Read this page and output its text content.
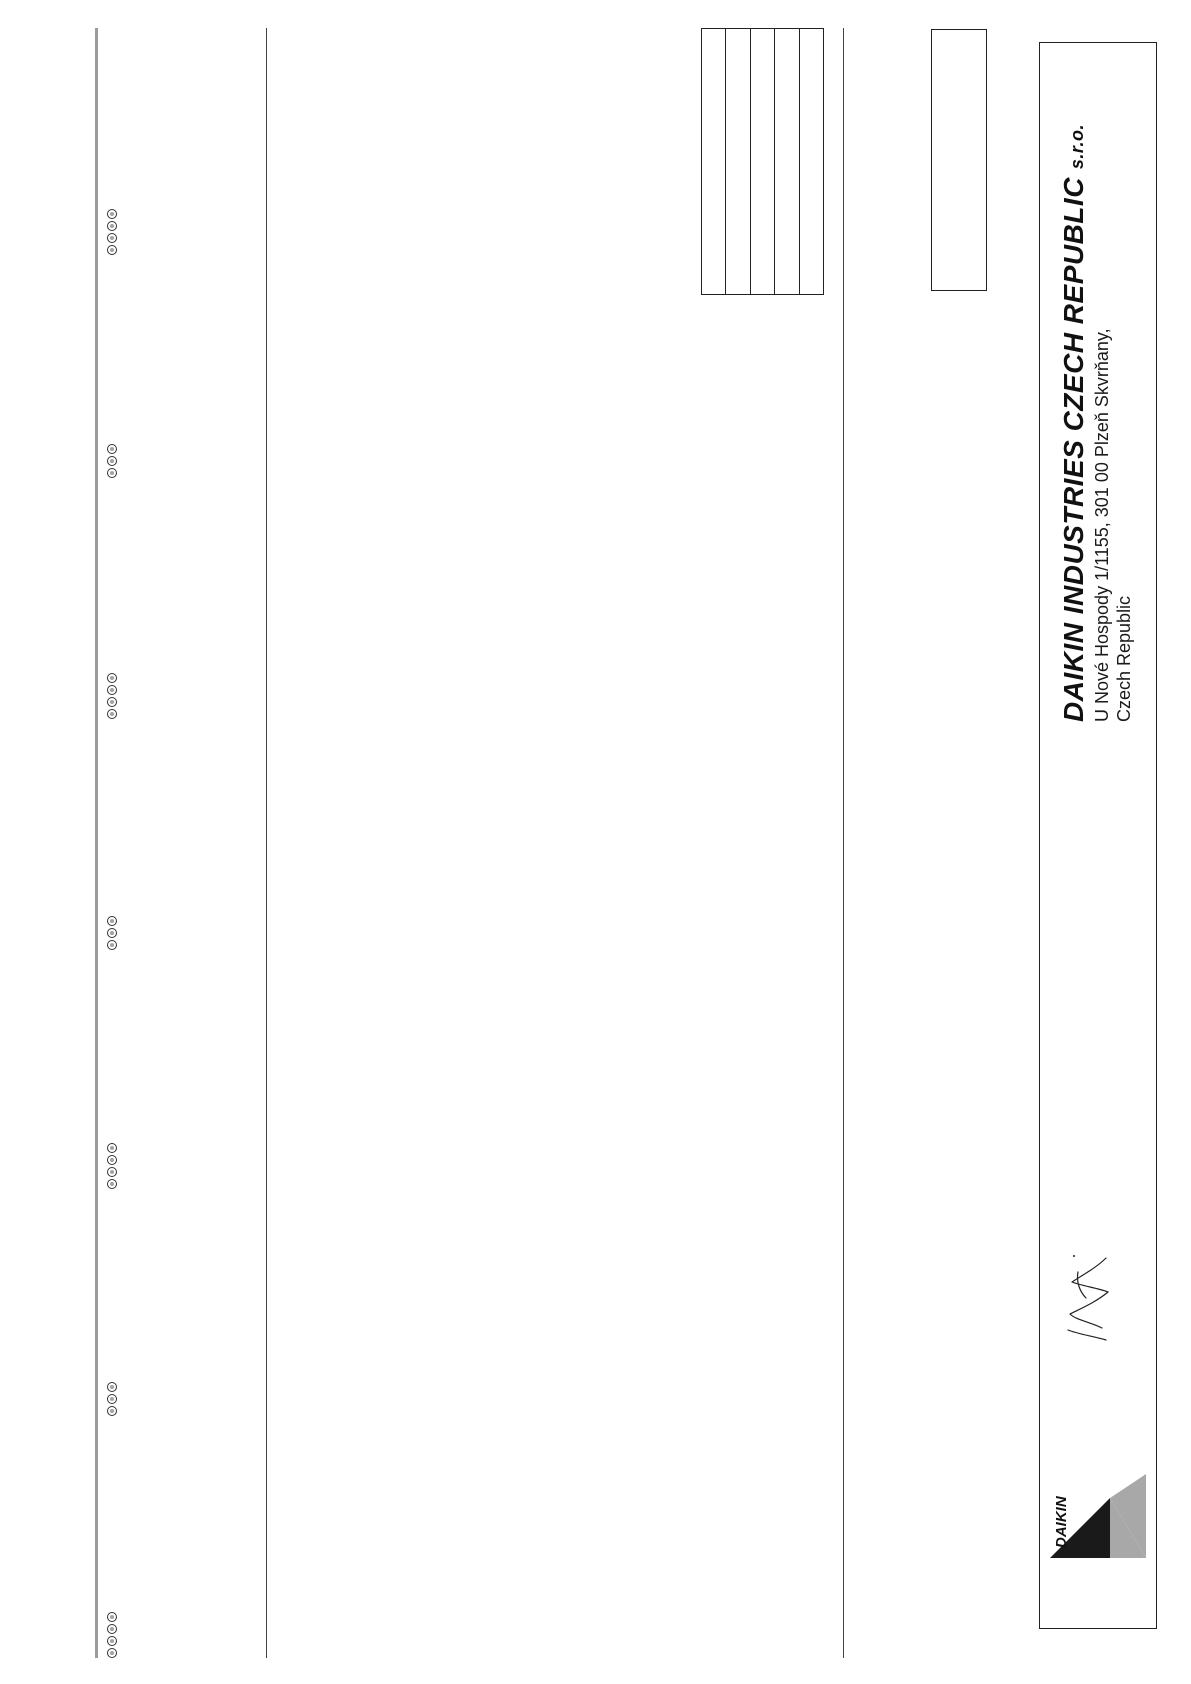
DAIKIN INDUSTRIES CZECH REPUBLICs.r.o.
U Nové Hospody 1/1155, 301 00 Plzeň Skvrňany, Czech Republic
DAIKIN
